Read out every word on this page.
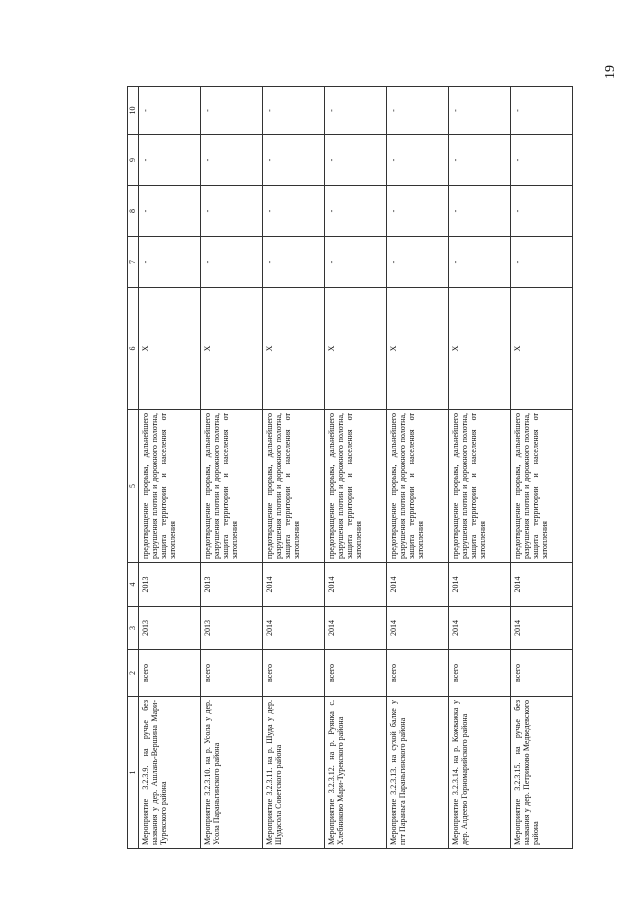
19
1	2	3	4	5	6	7	8	9	10
Мероприятие 3.2.3.9. на ручье без названия у дер. Ашлань-Вершина Мари-Турекского района	всего	2013	2013	предотвращение прорыва, дальнейшего разрушения плотин и дорожного полотна, защита территории и населения от затопления	Х	-	-	-	-
Мероприятие 3.2.3.10. на р. Усола у дер. Усола Параньгинского района	всего	2013	2013	предотвращение прорыва, дальнейшего разрушения плотин и дорожного полотна, защита территории и населения от затопления	Х	-	-	-	-
Мероприятие 3.2.3.11. на р. Шуда у дер. Шудасола Советского района	всего	2014	2014	предотвращение прорыва, дальнейшего разрушения плотин и дорожного полотна, защита территории и населения от затопления	Х	-	-	-	-
Мероприятие 3.2.3.12. на р. Руянка с. Хлебниково Мари-Турекского района	всего	2014	2014	предотвращение прорыва, дальнейшего разрушения плотин и дорожного полотна, защита территории и населения от затопления	Х	-	-	-	-
Мероприятие 3.2.3.13. на сухой балке у пгт Параньга Параньгинского района	всего	2014	2014	предотвращение прорыва, дальнейшего разрушения плотин и дорожного полотна, защита территории и населения от затопления	Х	-	-	-	-
Мероприятие 3.2.3.14. на р. Кожважка у дер. Алдеево Горномарийского района	всего	2014	2014	предотвращение прорыва, дальнейшего разрушения плотин и дорожного полотна, защита территории и населения от затопления	Х	-	-	-	-
Мероприятие 3.2.3.15. на ручье без названия у дер. Петриково Медведевского района	всего	2014	2014	предотвращение прорыва, дальнейшего разрушения плотин и дорожного полотна, защита территории и населения от затопления	Х	-	-	-	-
